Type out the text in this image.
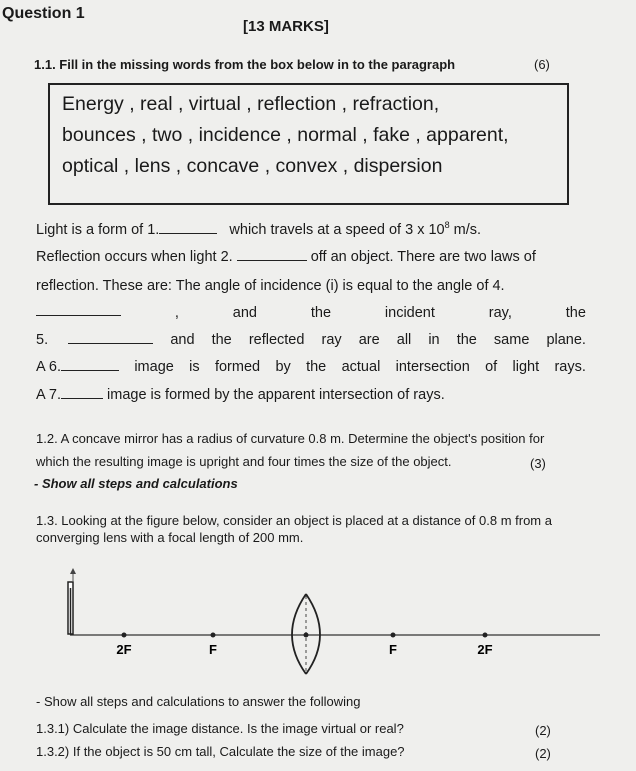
Question 1
[13 MARKS]
1.1. Fill in the missing words from the box below in to the paragraph	(6)
Energy , real , virtual , reflection , refraction,
bounces , two , incidence , normal , fake , apparent,
optical , lens , concave , convex , dispersion
Light is a form of 1.	which travels at a speed of 3 x $10^8$ m/s.
Reflection occurs when light 2.	off an object. There are two laws of
reflection. These are: The angle of incidence (i) is equal to the angle of 4.
,	and	the	incident	ray,	the
5.	and the reflected ray are all in the same plane.
A 6.	image is formed by the actual intersection of light rays.
A 7.	image is formed by the apparent intersection of rays.
1.2. A concave mirror has a radius of curvature 0.8 m. Determine the object's position for
which the resulting image is upright and four times the size of the object.	(3)
- Show all steps and calculations
1.3. Looking at the figure below, consider an object is placed at a distance of 0.8 m from a
converging lens with a focal length of 200 mm.
2F	F	F	2F
- Show all steps and calculations to answer the following
1.3.1) Calculate the image distance. Is the image virtual or real?	(2)
1.3.2) If the object is 50 cm tall, Calculate the size of the image?	(2)
